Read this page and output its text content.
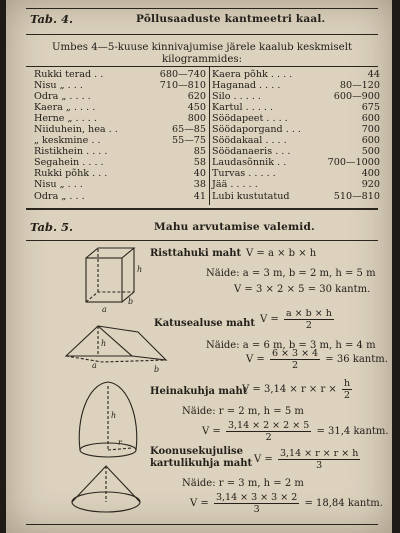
Tab. 4.	Põllusaaduste kantmeetri kaal.
Umbes 4—5-kuuse kinnivajumise järele kaalub keskmiselt
kilogrammides:
Rukki terad . .	680—740
Nisu „ . . .	710—810
Odra „ . . . .	620
Kaera „ . . . .	450
Herne „ . . . .	800
Niiduhein, hea . .	65—85
„ keskmine . .	55—75
Ristikhein . . . .	85
Segahein . . . .	58
Rukki põhk . . .	40
Nisu „ . . .	38
Odra „ . . .	41
Kaera põhk . . . .	44
Haganad . . . .	80—120
Silo . . . . .	600—900
Kartul . . . . .	675
Söödapeet . . . .	600
Söödaporgand . . .	700
Söödakaal . . . .	600
Söödanaeris . . .	500
Laudasõnnik . .	700—1000
Turvas . . . . .	400
Jää . . . . .	920
Lubi kustutatud	510—810
Tab. 5.	Mahu arvutamise valemid.
a
b
h
Risttahuki maht V = a × b × h
Näide: a = 3 m, b = 2 m, h = 5 m
V = 3 × 2 × 5 = 30 kantm.
a	b
h
Katusealuse maht $V = \frac{a \times b \times h}{2}$
Näide: a = 6 m, b = 3 m, h = 4 m
$V = \frac{6 \times 3 \times 4}{2} = 36$ kantm.
h
r
Heinakuhja maht
$V = 3,14 \times r \times r \times \frac{h}{2}$
Näide: r = 2 m, h = 5 m
$V = \frac{3,14 \times 2 \times 2 \times 5}{2} = 31,4$ kantm.
Koonusekujulise
kartulikuhja maht $V = \frac{3,14 \times r \times r \times h}{3}$
Näide: r = 3 m, h = 2 m
$V = \frac{3,14 \times 3 \times 3 \times 2}{3} = 18,84$ kantm.
